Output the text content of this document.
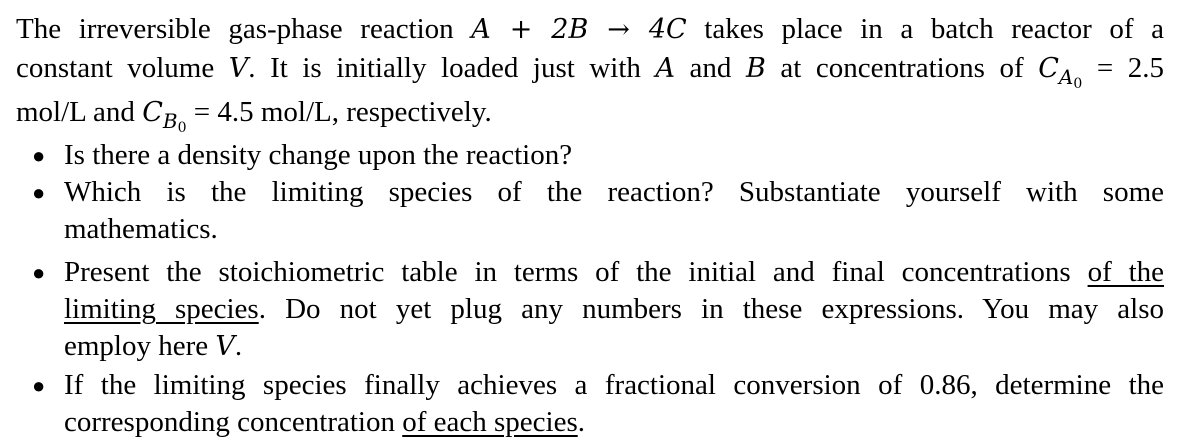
The irreversible gas-phase reaction A + 2B → 4C takes place in a batch reactor of a
constant volume V. It is initially loaded just with A and B at concentrations of $C_{A_0} = 2.5$
mol/L and $C_{B_0} = 4.5$ mol/L, respectively.
● Is there a density change upon the reaction?
● Which is the limiting species of the reaction? Substantiate yourself with some
mathematics.
● Present the stoichiometric table in terms of the initial and final concentrations of the
limiting species. Do not yet plug any numbers in these expressions. You may also
employ here V.
● If the limiting species finally achieves a fractional conversion of 0.86, determine the
corresponding concentration of each species.
